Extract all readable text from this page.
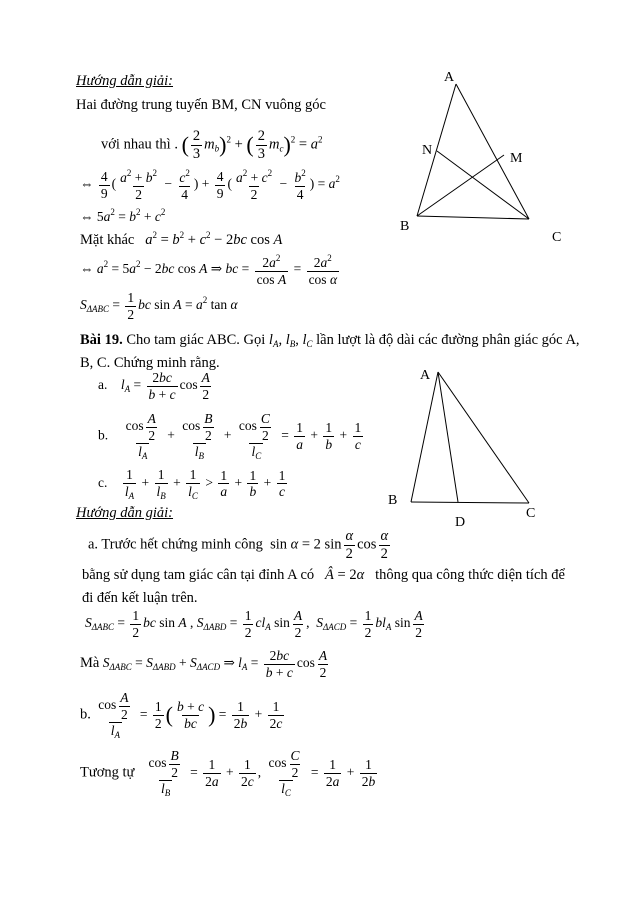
Hướng dẫn giải:
Hai đường trung tuyến BM, CN vuông góc
với nhau thì . ( $\frac{2}{3} m_b)^2$ + ( $\frac{2}{3} m_c)^2 = a^2$
⇔ $\frac{4}{9}$ ( $\frac{a^2 + b^2}{2} - \frac{c^2}{4}$ ) + $\frac{4}{9}$ ( $\frac{a^2 + c^2}{2} - \frac{b^2}{4}$ ) = $a^2$
⇔ $5a^2 = b^2 + c^2$
Mặt khác $a^2 = b^2 + c^2 - 2bc$ cos A
⇔ $a^2 = 5a^2 - 2bc$ cos A ⇒ bc = $\frac{2a^2}{\text{cos A}} = \frac{2a^2}{\text{cos α}}$
$S_{\Delta ABC} = \frac{1}{2}$ bc $\sin A = a^2$ tan α
A
N
M
B
C
Bài 19. Cho tam giác ABC. Gọi $l_A$, $l_B$, $l_C$ lần lượt là độ dài các đường phân giác góc A,
B, C. Chứng minh rằng.
a. $l_A = \frac{2bc}{b + c}$ $\cos \frac{A}{2}$
b. $\frac{\cos \frac{A}{2}}{l_A} + \frac{\cos \frac{B}{2}}{l_B} + \frac{\cos \frac{C}{2}}{l_C} = \frac{1}{a} + \frac{1}{b} + \frac{1}{c}$
c. $\frac{1}{l_A} + \frac{1}{l_B} + \frac{1}{l_C} > \frac{1}{a} + \frac{1}{b} + \frac{1}{c}$
A
B
D
C
Hướng dẫn giải:
a. Trước hết chứng minh công  sin α = 2 $\sin \frac{\alpha}{2}$ $\cos \frac{\alpha}{2}$
bằng sử dụng tam giác cân tại đỉnh A có Â = 2α thông qua công thức diện tích để
đi đến kết luận trên.
$S_{\Delta ABC} = \frac{1}{2}$ bc sin A , $S_{\Delta ABD} = \frac{1}{2} cl_A$ $\sin \frac{A}{2}$ ,  $S_{\Delta ACD} = \frac{1}{2} bl_A$ $\sin \frac{A}{2}$
Mà $S_{\Delta ABC} = S_{\Delta ABD} + S_{\Delta ACD}$ ⇒ $l_A = \frac{2bc}{b + c}$ $\cos \frac{A}{2}$
b. $\frac{\cos \frac{A}{2}}{l_A} = \frac{1}{2}$ ( $\frac{b + c}{bc}$ ) = $\frac{1}{2b} + \frac{1}{2c}$
Tương tự $\frac{\cos \frac{B}{2}}{l_B} = \frac{1}{2a} + \frac{1}{2c}$ , $\frac{\cos \frac{C}{2}}{l_C} = \frac{1}{2a} + \frac{1}{2b}$
